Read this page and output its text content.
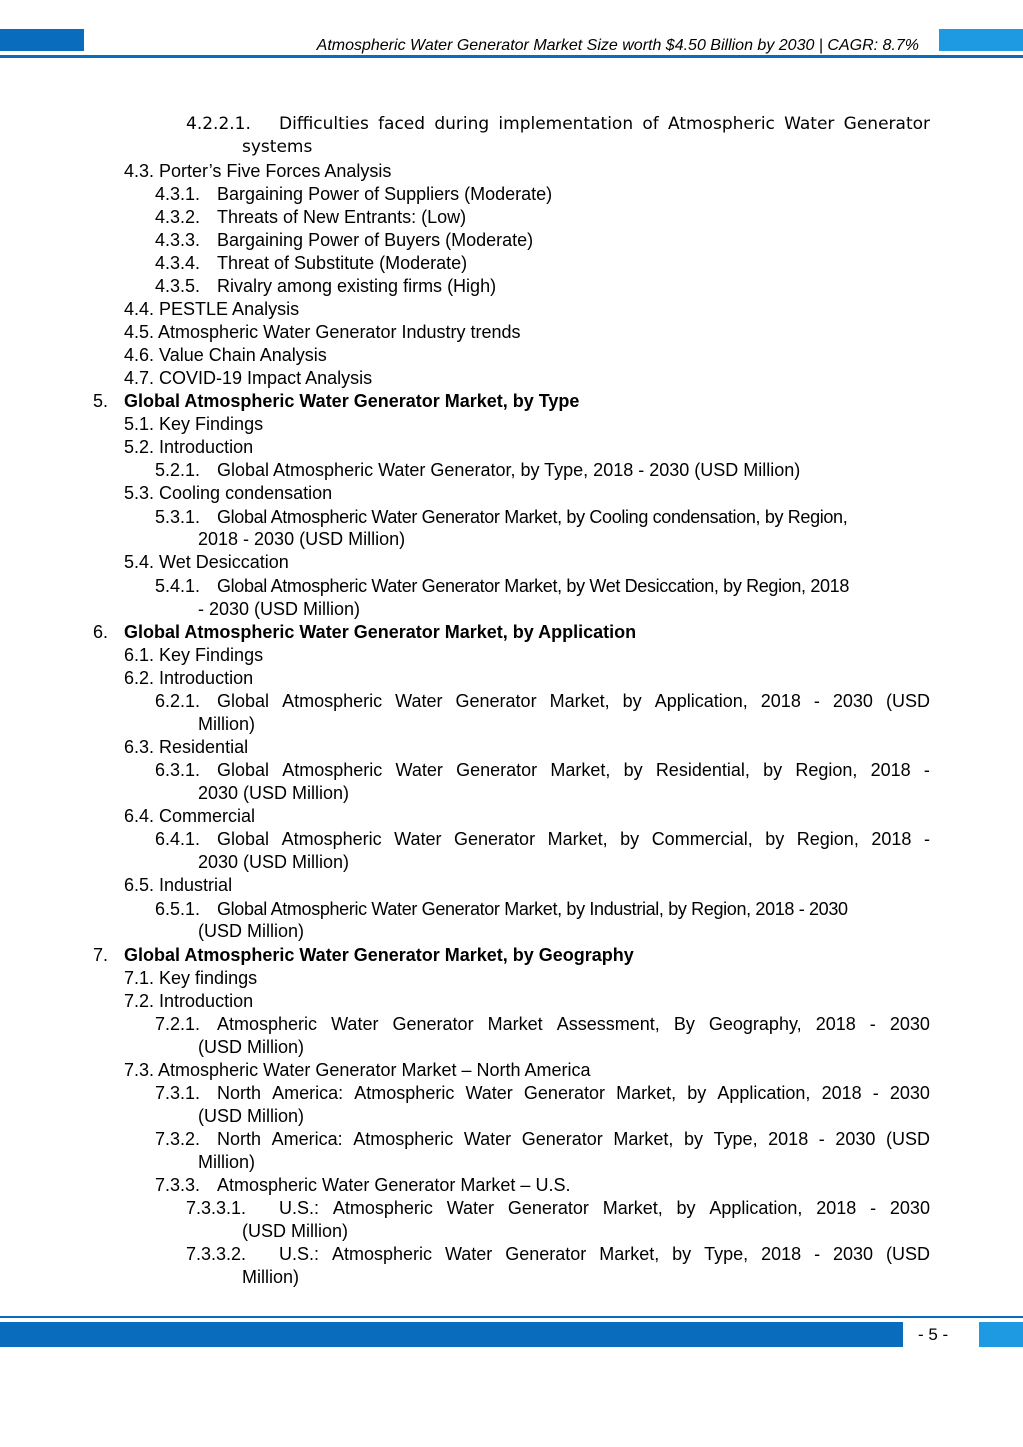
Atmospheric Water Generator Market Size worth $4.50 Billion by 2030 | CAGR: 8.7%
4.2.2.1. Difficulties faced during implementation of Atmospheric Water Generator
systems
4.3. Porter’s Five Forces Analysis
4.3.1. Bargaining Power of Suppliers (Moderate)
4.3.2. Threats of New Entrants: (Low)
4.3.3. Bargaining Power of Buyers (Moderate)
4.3.4. Threat of Substitute (Moderate)
4.3.5. Rivalry among existing firms (High)
4.4. PESTLE Analysis
4.5. Atmospheric Water Generator Industry trends
4.6. Value Chain Analysis
4.7. COVID-19 Impact Analysis
5. Global Atmospheric Water Generator Market, by Type
5.1. Key Findings
5.2. Introduction
5.2.1. Global Atmospheric Water Generator, by Type, 2018 - 2030 (USD Million)
5.3. Cooling condensation
5.3.1. Global Atmospheric Water Generator Market, by Cooling condensation, by Region,
2018 - 2030 (USD Million)
5.4. Wet Desiccation
5.4.1. Global Atmospheric Water Generator Market, by Wet Desiccation, by Region, 2018
- 2030 (USD Million)
6. Global Atmospheric Water Generator Market, by Application
6.1. Key Findings
6.2. Introduction
6.2.1. Global Atmospheric Water Generator Market, by Application, 2018 - 2030 (USD
Million)
6.3. Residential
6.3.1. Global Atmospheric Water Generator Market, by Residential, by Region, 2018 -
2030 (USD Million)
6.4. Commercial
6.4.1. Global Atmospheric Water Generator Market, by Commercial, by Region, 2018 -
2030 (USD Million)
6.5. Industrial
6.5.1. Global Atmospheric Water Generator Market, by Industrial, by Region, 2018 - 2030
(USD Million)
7. Global Atmospheric Water Generator Market, by Geography
7.1. Key findings
7.2. Introduction
7.2.1. Atmospheric Water Generator Market Assessment, By Geography, 2018 - 2030
(USD Million)
7.3. Atmospheric Water Generator Market – North America
7.3.1. North America: Atmospheric Water Generator Market, by Application, 2018 - 2030
(USD Million)
7.3.2. North America: Atmospheric Water Generator Market, by Type, 2018 - 2030 (USD
Million)
7.3.3. Atmospheric Water Generator Market – U.S.
7.3.3.1. U.S.: Atmospheric Water Generator Market, by Application, 2018 - 2030
(USD Million)
7.3.3.2. U.S.: Atmospheric Water Generator Market, by Type, 2018 - 2030 (USD
Million)
- 5 -
